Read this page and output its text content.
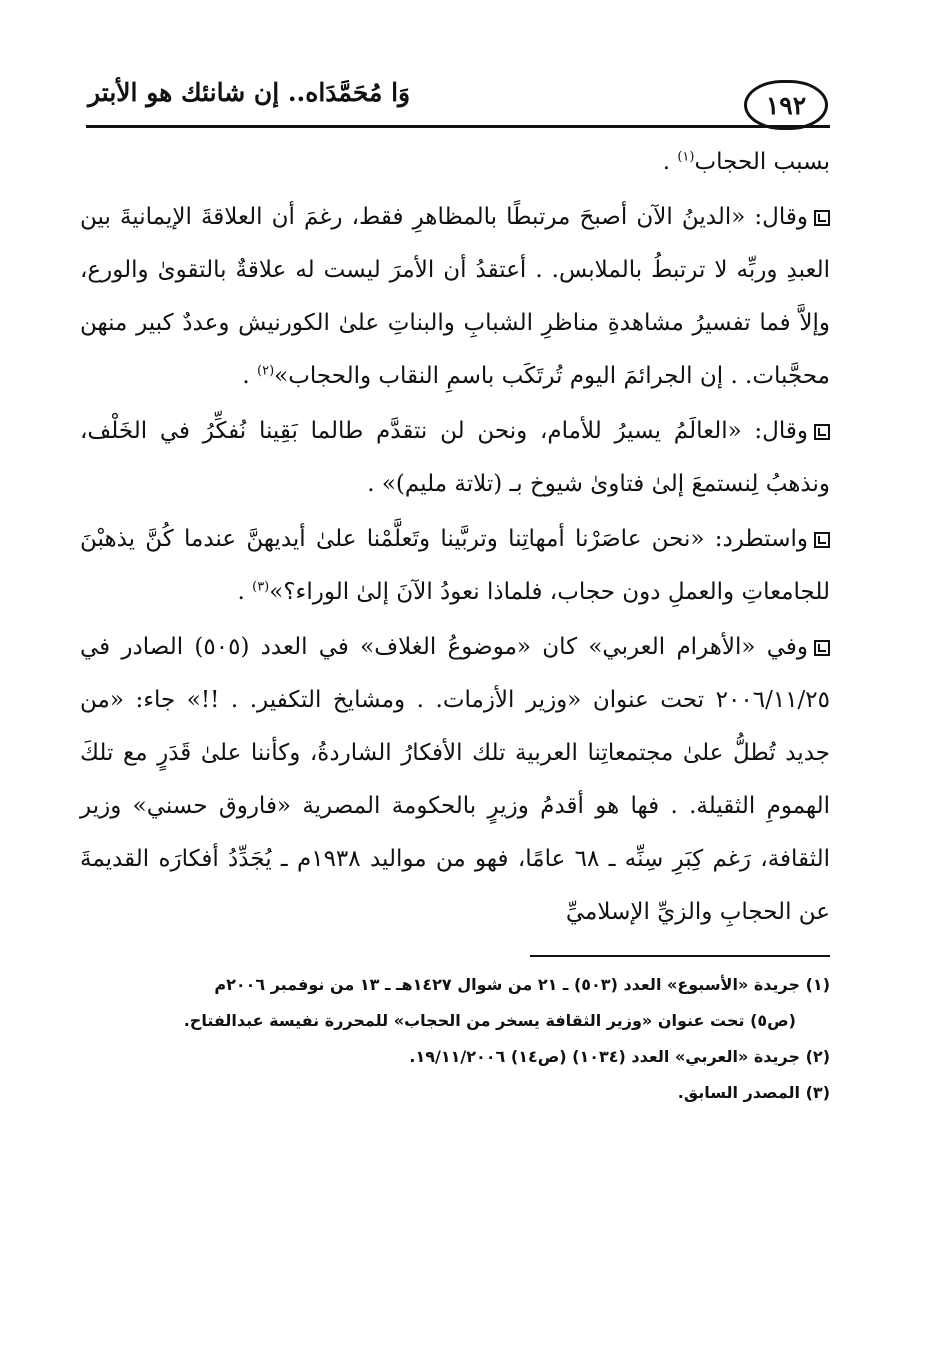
١٩٢
وَا مُحَمَّدَاه.. إن شانئك هو الأبتر

بسبب الحجاب$^{(١)}$ .

وقال: «الدينُ الآن أصبحَ مرتبطًا بالمظاهرِ فقط، رغمَ أن العلاقةَ الإيمانيةَ بين العبدِ وربِّه لا ترتبطُ بالملابس. . أعتقدُ أن الأمرَ ليست له علاقةٌ بالتقوىٰ والورع، وإلاَّ فما تفسيرُ مشاهدةِ مناظرِ الشبابِ والبناتِ علىٰ الكورنيش وعددٌ كبير منهن محجَّبات. . إن الجرائمَ اليوم تُرتَكَب باسمِ النقاب والحجاب»$^{(٢)}$ .

وقال: «العالَمُ يسيرُ للأمام، ونحن لن نتقدَّم طالما بَقِينا نُفكِّرُ في الخَلْف، ونذهبُ لِنستمعَ إلىٰ فتاوىٰ شيوخ بـ (تلاتة مليم)» .

واستطرد: «نحن عاصَرْنا أمهاتِنا وتربَّينا وتَعلَّمْنا علىٰ أيديهنَّ عندما كُنَّ يذهبْنَ للجامعاتِ والعملِ دون حجاب، فلماذا نعودُ الآنَ إلىٰ الوراء؟»$^{(٣)}$ .

وفي «الأهرام العربي» كان «موضوعُ الغلاف» في العدد (٥٠٥) الصادر في ٢٠٠٦/١١/٢٥ تحت عنوان «وزير الأزمات. . ومشايخ التكفير. . !!» جاء: «من جديد تُطلُّ علىٰ مجتمعاتِنا العربية تلك الأفكارُ الشاردةُ، وكأننا علىٰ قَدَرٍ مع تلكَ الهمومِ الثقيلة. . فها هو أقدمُ وزيرٍ بالحكومة المصرية «فاروق حسني» وزير الثقافة، رَغم كِبَرِ سِنِّه ـ ٦٨ عامًا، فهو من مواليد ١٩٣٨م ـ يُجَدِّدُ أفكارَه القديمةَ عن الحجابِ والزيِّ الإسلاميِّ

(١) جريدة «الأسبوع» العدد (٥٠٣) ـ ٢١ من شوال ١٤٢٧هـ ـ ١٣ من نوفمبر ٢٠٠٦م
(ص٥) تحت عنوان «وزير الثقافة يسخر من الحجاب» للمحررة نفيسة عبدالفتاح.
(٢) جريدة «العربي» العدد (١٠٣٤) (ص١٤) ١٩/١١/٢٠٠٦.
(٣) المصدر السابق.
